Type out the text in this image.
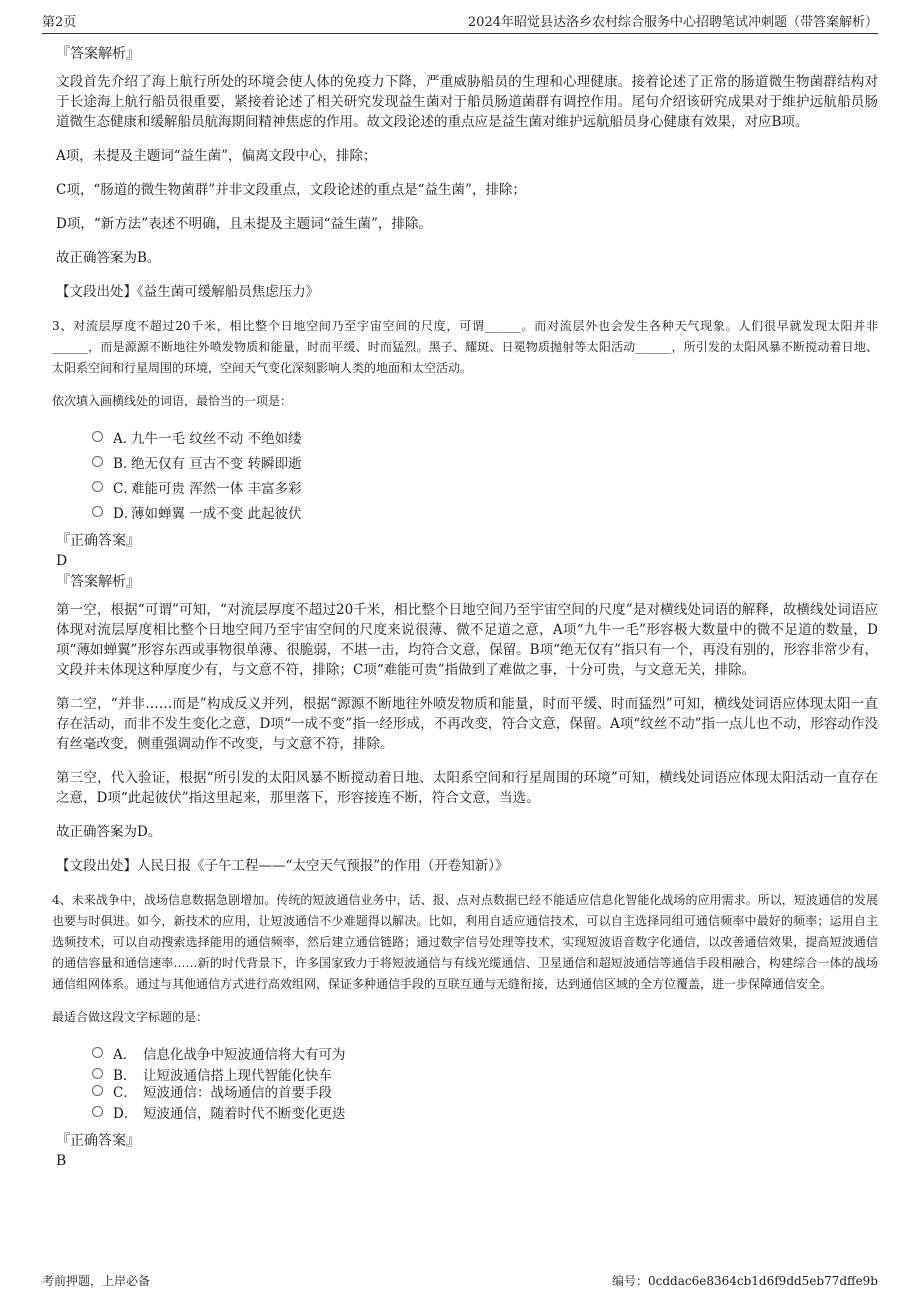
第2页	2024年昭觉县达洛乡农村综合服务中心招聘笔试冲刺题（带答案解析）
『答案解析』

文段首先介绍了海上航行所处的环境会使人体的免疫力下降，严重威胁船员的生理和心理健康。接着论述了正常的肠道微生物菌群结构对于长途海上航行船员很重要，紧接着论述了相关研究发现益生菌对于船员肠道菌群有调控作用。尾句介绍该研究成果对于维护远航船员肠道微生态健康和缓解船员航海期间精神焦虑的作用。故文段论述的重点应是益生菌对维护远航船员身心健康有效果，对应B项。

A项，未提及主题词“益生菌”，偏离文段中心，排除；

C项，“肠道的微生物菌群”并非文段重点，文段论述的重点是“益生菌”，排除；

D项，“新方法”表述不明确，且未提及主题词“益生菌”，排除。

故正确答案为B。

【文段出处】《益生菌可缓解船员焦虑压力》

3、对流层厚度不超过20千米，相比整个日地空间乃至宇宙空间的尺度，可谓______。而对流层外也会发生各种天气现象。人们很早就发现太阳并非______，而是源源不断地往外喷发物质和能量，时而平缓、时而猛烈。黑子、耀斑、日冕物质抛射等太阳活动______，所引发的太阳风暴不断搅动着日地、太阳系空间和行星周围的环境，空间天气变化深刻影响人类的地面和太空活动。

依次填入画横线处的词语，最恰当的一项是：

A．
九牛一毛 纹丝不动 不绝如缕
B．
绝无仅有 亘古不变 转瞬即逝
C．
难能可贵 浑然一体 丰富多彩
D．
薄如蝉翼 一成不变 此起彼伏
『正确答案』
D
『答案解析』

第一空，根据“可谓”可知，“对流层厚度不超过20千米，相比整个日地空间乃至宇宙空间的尺度”是对横线处词语的解释，故横线处词语应体现对流层厚度相比整个日地空间乃至宇宙空间的尺度来说很薄、微不足道之意，A项“九牛一毛”形容极大数量中的微不足道的数量，D项“薄如蝉翼”形容东西或事物很单薄、很脆弱，不堪一击，均符合文意，保留。B项“绝无仅有”指只有一个，再没有别的，形容非常少有，文段并未体现这种厚度少有，与文意不符，排除；C项“难能可贵”指做到了难做之事，十分可贵，与文意无关，排除。

第二空，“并非……而是”构成反义并列，根据“源源不断地往外喷发物质和能量，时而平缓、时而猛烈”可知，横线处词语应体现太阳一直存在活动，而非不发生变化之意，D项“一成不变”指一经形成，不再改变，符合文意，保留。A项“纹丝不动”指一点儿也不动，形容动作没有丝毫改变，侧重强调动作不改变，与文意不符，排除。

第三空，代入验证，根据“所引发的太阳风暴不断搅动着日地、太阳系空间和行星周围的环境”可知，横线处词语应体现太阳活动一直存在之意，D项“此起彼伏”指这里起来，那里落下，形容接连不断，符合文意，当选。

故正确答案为D。

【文段出处】人民日报《子午工程——“太空天气预报”的作用（开卷知新）》

4、未来战争中，战场信息数据急剧增加。传统的短波通信业务中，话、报、点对点数据已经不能适应信息化智能化战场的应用需求。所以，短波通信的发展也要与时俱进。如今，新技术的应用，让短波通信不少难题得以解决。比如，利用自适应通信技术，可以自主选择同组可通信频率中最好的频率；运用自主选频技术，可以自动搜索选择能用的通信频率，然后建立通信链路；通过数字信号处理等技术，实现短波语音数字化通信，以改善通信效果，提高短波通信的通信容量和通信速率……新的时代背景下，许多国家致力于将短波通信与有线光缆通信、卫星通信和超短波通信等通信手段相融合，构建综合一体的战场通信组网体系。通过与其他通信方式进行高效组网，保证多种通信手段的互联互通与无缝衔接，达到通信区域的全方位覆盖，进一步保障通信安全。

最适合做这段文字标题的是：

A． 信息化战争中短波通信将大有可为
B． 让短波通信搭上现代智能化快车
C． 短波通信：战场通信的首要手段
D． 短波通信，随着时代不断变化更迭
『正确答案』
B
考前押题，上岸必备	编号：0cddac6e8364cb1d6f9dd5eb77dffe9b
